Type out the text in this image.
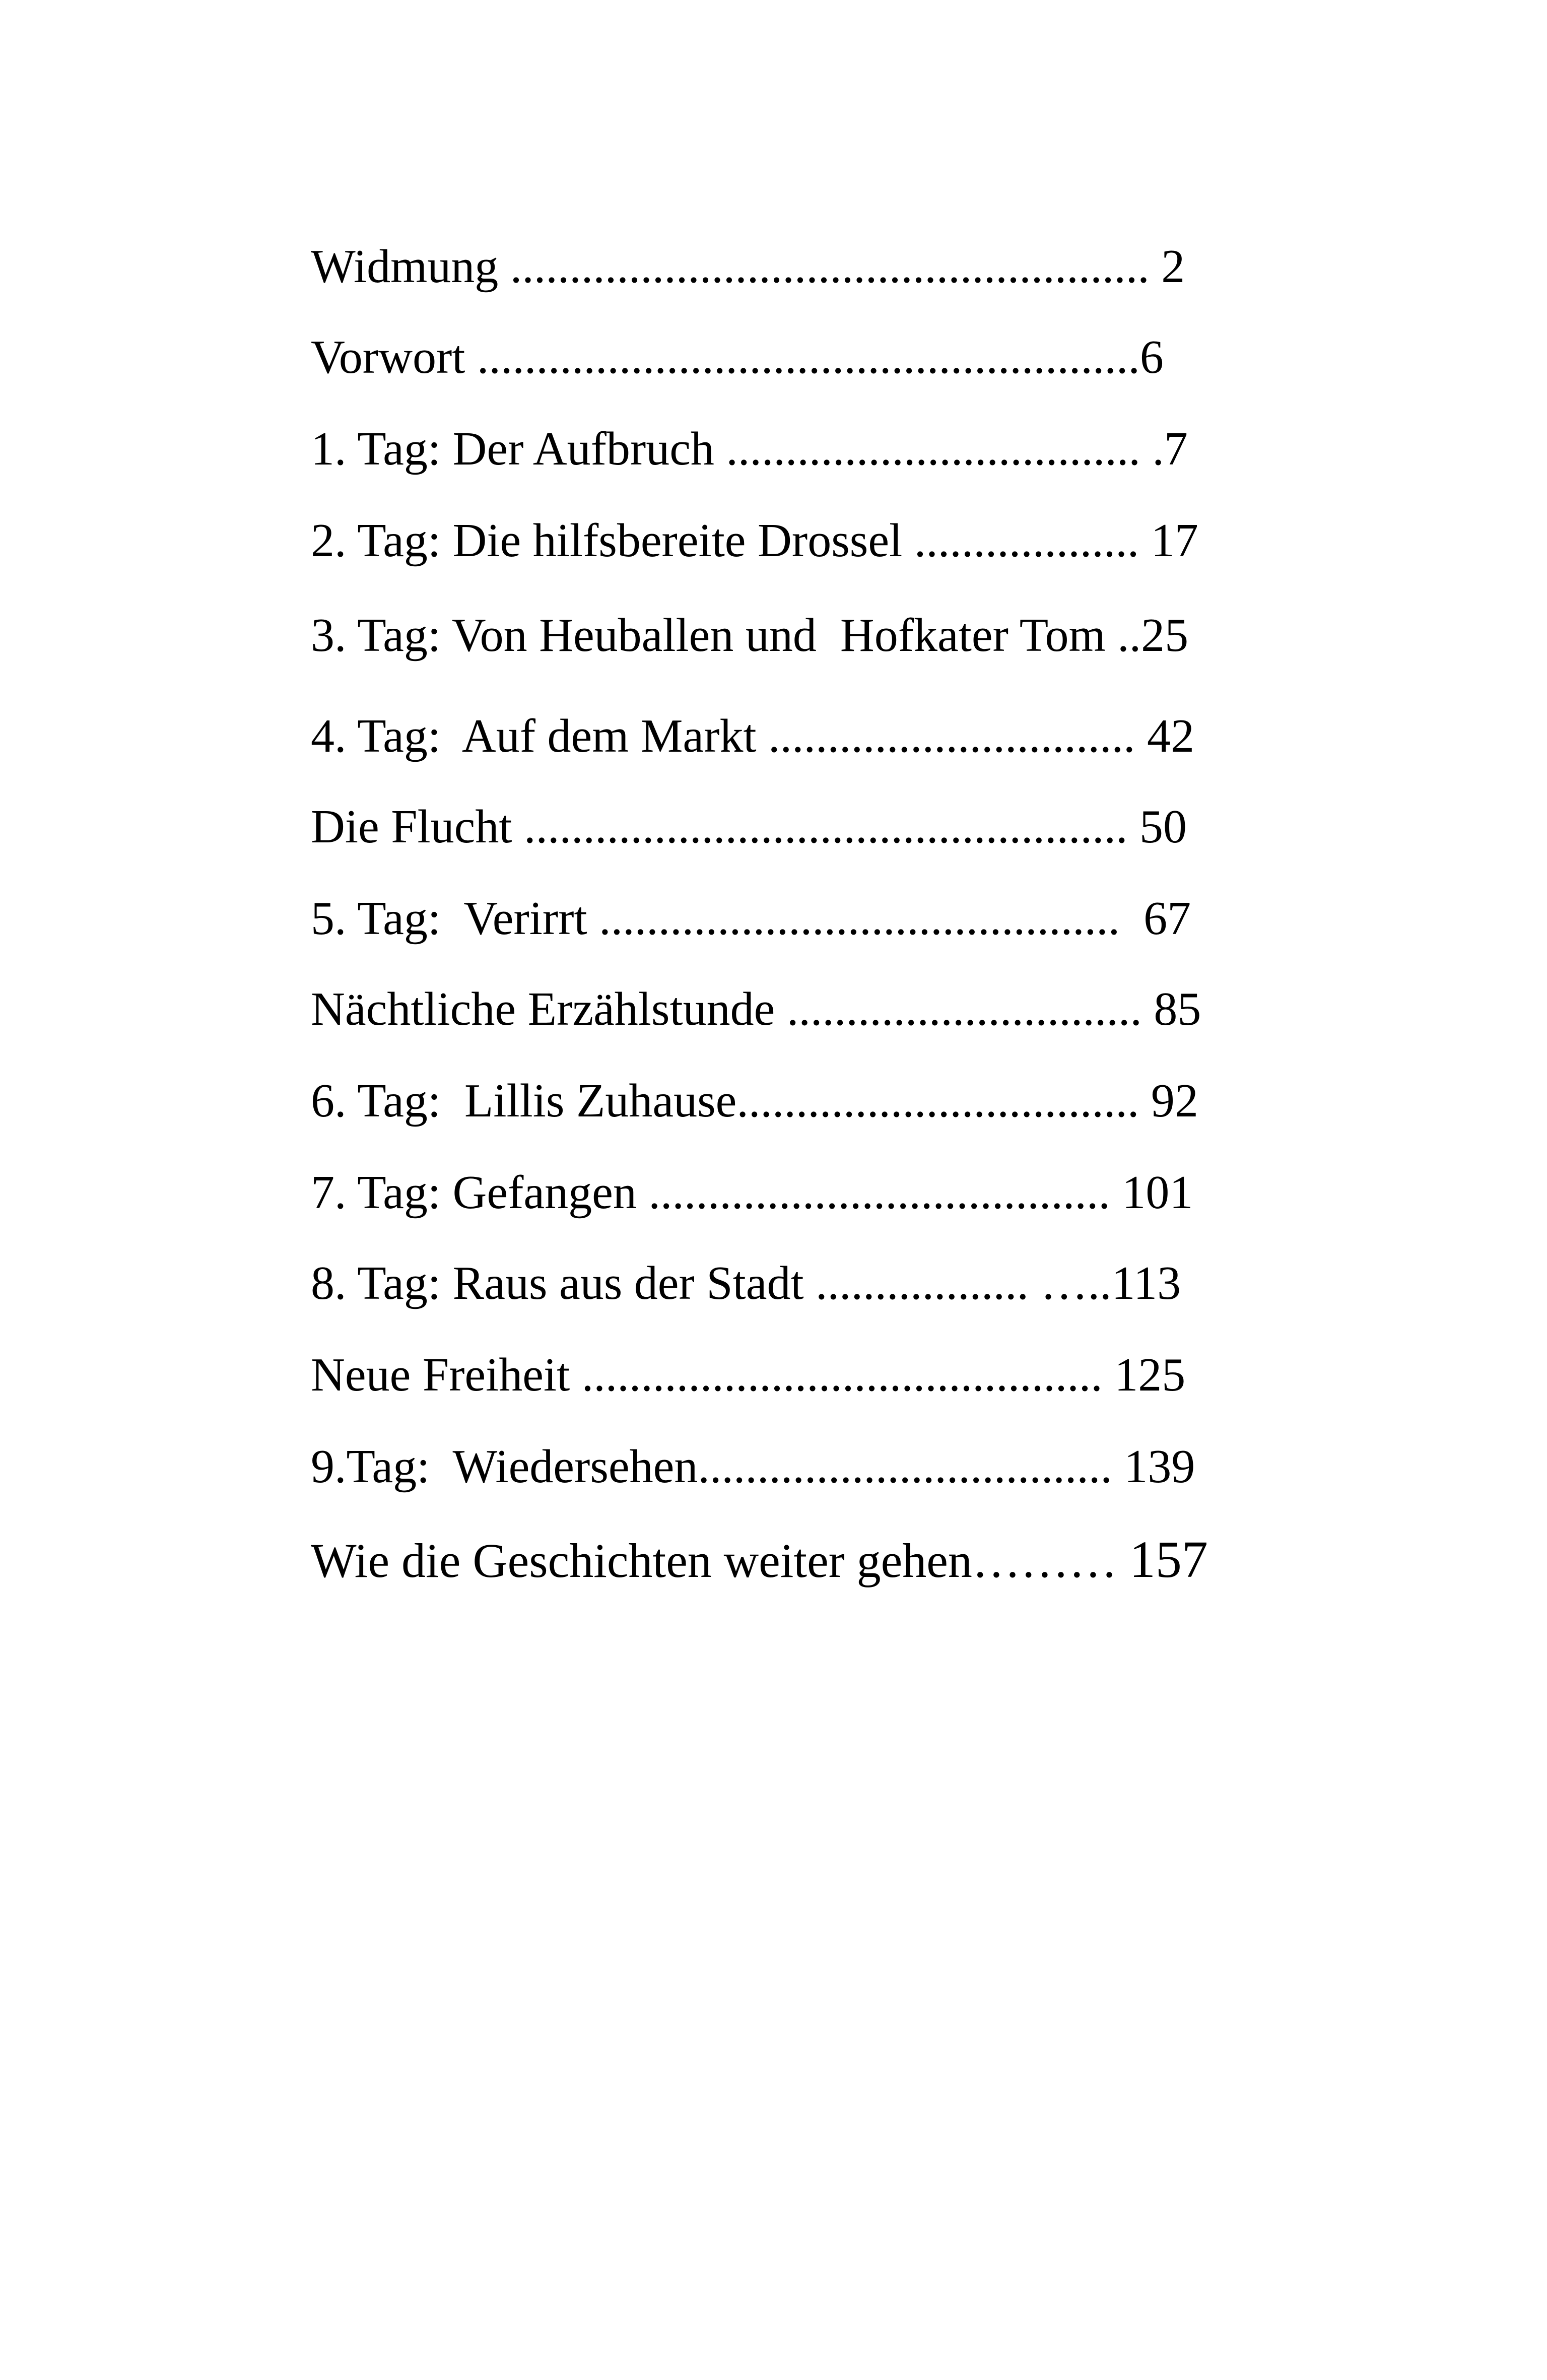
Widmung ...................................................... 2

Vorwort ........................................................6

1. Tag: Der Aufbruch ................................... .7

2. Tag: Die hilfsbereite Drossel ................... 17

3. Tag: Von Heuballen und  Hofkater Tom ..25

4. Tag:  Auf dem Markt ............................... 42

Die Flucht ................................................... 50

5. Tag:  Verirrt ............................................  67

Nächtliche Erzählstunde .............................. 85

6. Tag:  Lillis Zuhause.................................. 92

7. Tag: Gefangen ....................................... 101

8. Tag: Raus aus der Stadt .................. …..113

Neue Freiheit ............................................ 125

9.Tag:  Wiedersehen................................... 139

Wie die Geschichten weiter gehen……… 157
